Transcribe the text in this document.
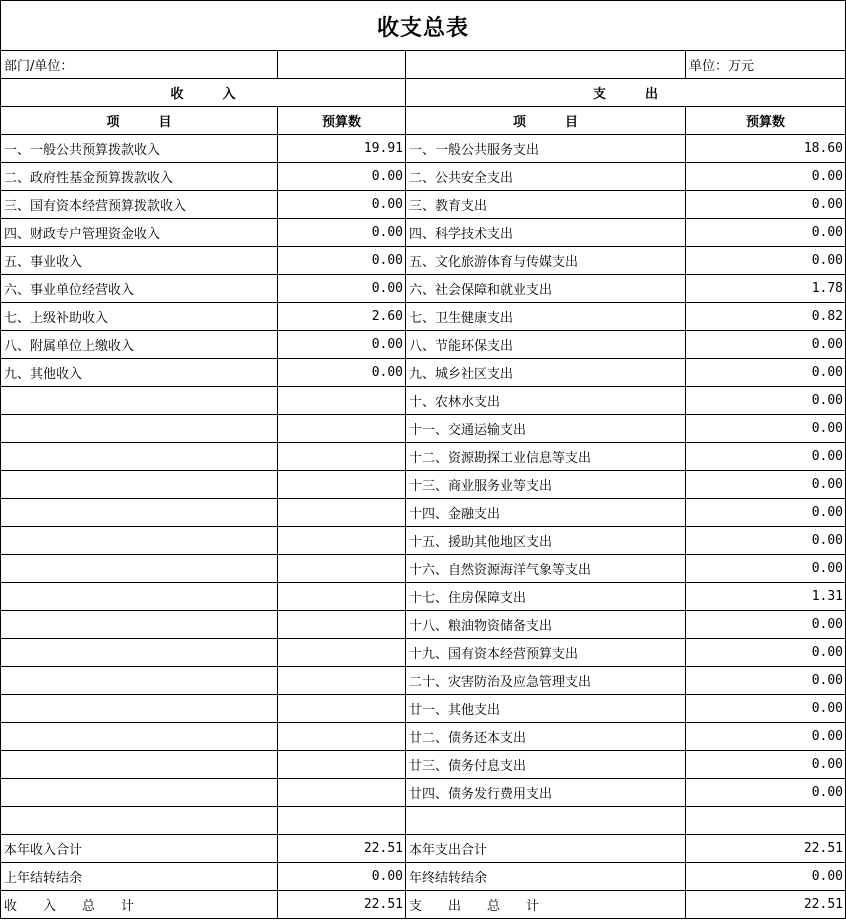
收支总表
部门/单位：			单位：万元
收　　　入		支　　　出	
项　　　目	预算数	项　　　目	预算数
一、一般公共预算拨款收入	19.91	一、一般公共服务支出	18.60
二、政府性基金预算拨款收入	0.00	二、公共安全支出	0.00
三、国有资本经营预算拨款收入	0.00	三、教育支出	0.00
四、财政专户管理资金收入	0.00	四、科学技术支出	0.00
五、事业收入	0.00	五、文化旅游体育与传媒支出	0.00
六、事业单位经营收入	0.00	六、社会保障和就业支出	1.78
七、上级补助收入	2.60	七、卫生健康支出	0.82
八、附属单位上缴收入	0.00	八、节能环保支出	0.00
九、其他收入	0.00	九、城乡社区支出	0.00
		十、农林水支出	0.00
		十一、交通运输支出	0.00
		十二、资源勘探工业信息等支出	0.00
		十三、商业服务业等支出	0.00
		十四、金融支出	0.00
		十五、援助其他地区支出	0.00
		十六、自然资源海洋气象等支出	0.00
		十七、住房保障支出	1.31
		十八、粮油物资储备支出	0.00
		十九、国有资本经营预算支出	0.00
		二十、灾害防治及应急管理支出	0.00
		廿一、其他支出	0.00
		廿二、债务还本支出	0.00
		廿三、债务付息支出	0.00
		廿四、债务发行费用支出	0.00

本年收入合计	22.51	本年支出合计	22.51
上年结转结余	0.00	年终结转结余	0.00
收　　入　　总　　计	22.51	支　　出　　总　　计	22.51
